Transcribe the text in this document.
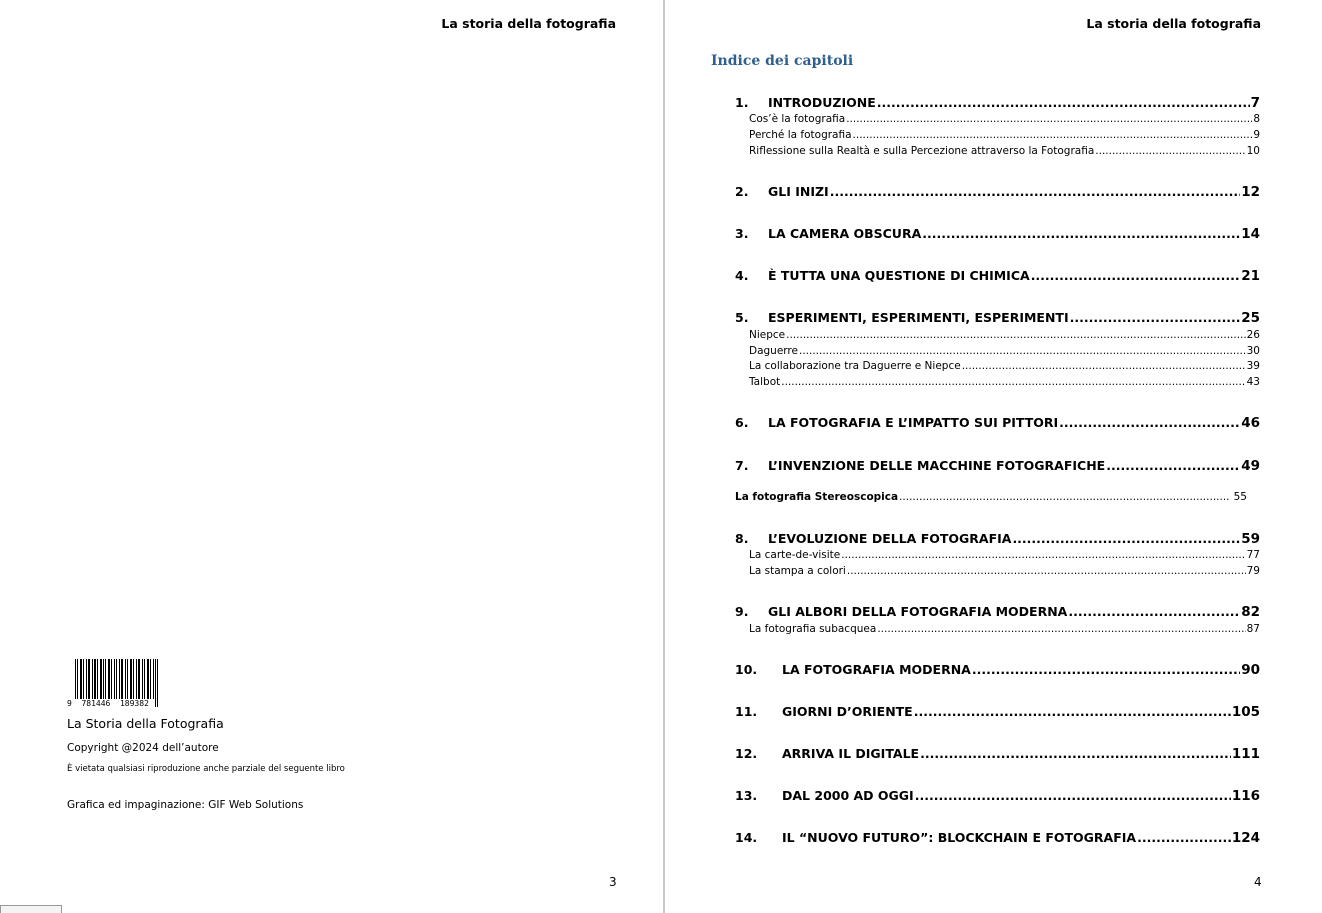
La storia della fotografia
9  781446  189382
La Storia della Fotografia
Copyright @2024 dell’autore
È vietata qualsiasi riproduzione anche parziale del seguente libro
Grafica ed impaginazione: GIF Web Solutions
3
La storia della fotografia
Indice dei capitoli
1.	INTRODUZIONE .....	7
Cos’è la fotografia .....	8
Perché la fotografia .....	9
Riflessione sulla Realtà e sulla Percezione attraverso la Fotografia .....	10
2.	GLI INIZI .....	12
3.	LA CAMERA OBSCURA .....	14
4.	È TUTTA UNA QUESTIONE DI CHIMICA .....	21
5.	ESPERIMENTI, ESPERIMENTI, ESPERIMENTI .....	25
Niepce .....	26
Daguerre .....	30
La collaborazione tra Daguerre e Niepce .....	39
Talbot .....	43
6.	LA FOTOGRAFIA E L’IMPATTO SUI PITTORI .....	46
7.	L’INVENZIONE DELLE MACCHINE FOTOGRAFICHE .....	49
La fotografia Stereoscopica .....	55
8.	L’EVOLUZIONE DELLA FOTOGRAFIA .....	59
La carte-de-visite .....	77
La stampa a colori .....	79
9.	GLI ALBORI DELLA FOTOGRAFIA MODERNA .....	82
La fotografia subacquea .....	87
10.	LA FOTOGRAFIA MODERNA .....	90
11.	GIORNI D’ORIENTE .....	105
12.	ARRIVA IL DIGITALE .....	111
13.	DAL 2000 AD OGGI .....	116
14.	IL “NUOVO FUTURO”: BLOCKCHAIN E FOTOGRAFIA .....	124
4
